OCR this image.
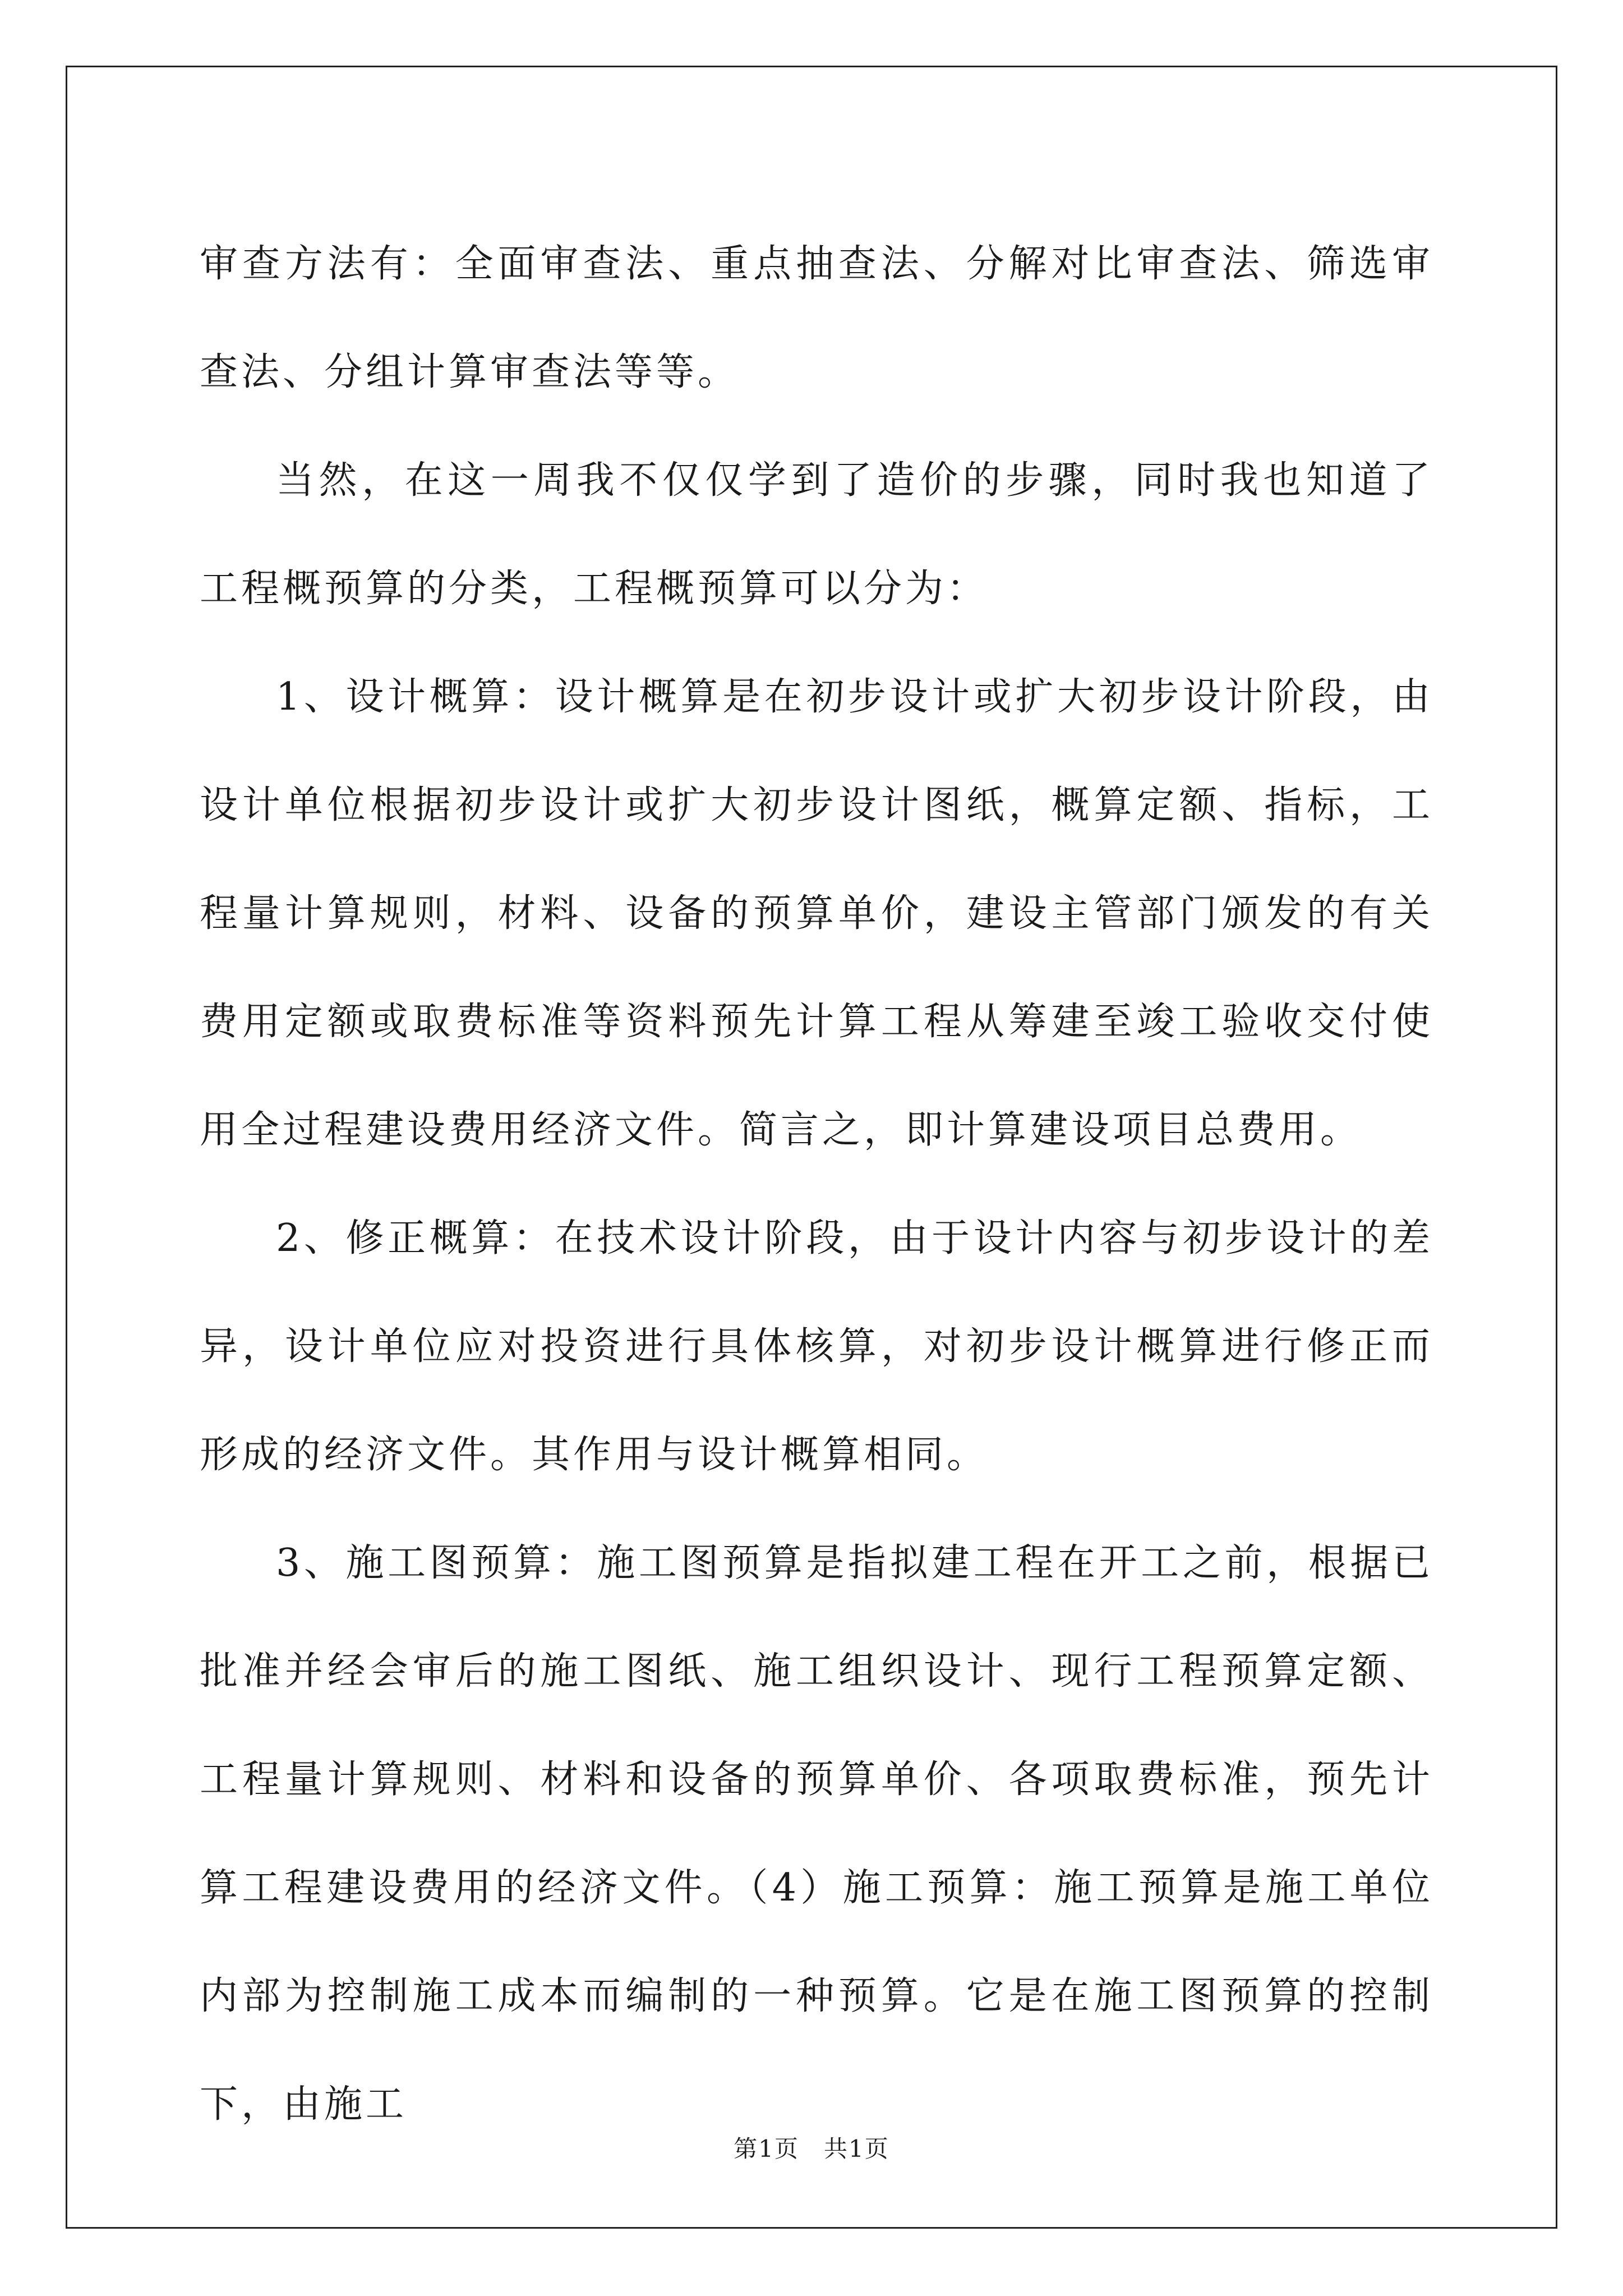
审查方法有：全面审查法、重点抽查法、分解对比审查法、筛选审查法、分组计算审查法等等。

当然，在这一周我不仅仅学到了造价的步骤，同时我也知道了工程概预算的分类，工程概预算可以分为：

1、设计概算：设计概算是在初步设计或扩大初步设计阶段，由设计单位根据初步设计或扩大初步设计图纸，概算定额、指标，工程量计算规则，材料、设备的预算单价，建设主管部门颁发的有关费用定额或取费标准等资料预先计算工程从筹建至竣工验收交付使用全过程建设费用经济文件。简言之，即计算建设项目总费用。

2、修正概算：在技术设计阶段，由于设计内容与初步设计的差异，设计单位应对投资进行具体核算，对初步设计概算进行修正而形成的经济文件。其作用与设计概算相同。

3、施工图预算：施工图预算是指拟建工程在开工之前，根据已批准并经会审后的施工图纸、施工组织设计、现行工程预算定额、工程量计算规则、材料和设备的预算单价、各项取费标准，预先计算工程建设费用的经济文件。（4）施工预算：施工预算是施工单位内部为控制施工成本而编制的一种预算。它是在施工图预算的控制下，由施工

第1页　共1页
